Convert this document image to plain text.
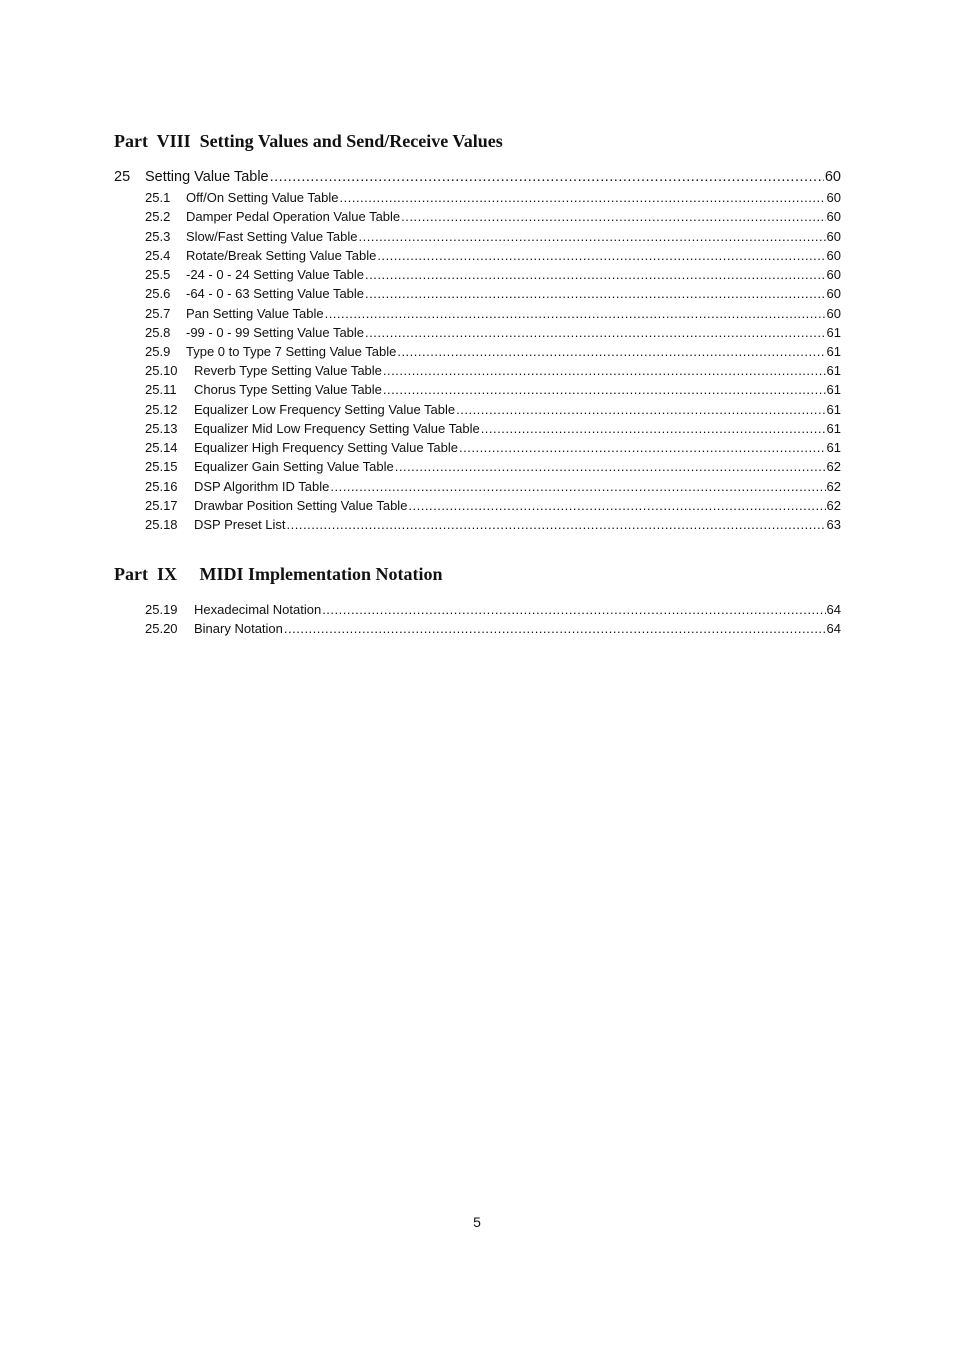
Part  VIII  Setting Values and Send/Receive Values
25	Setting Value Table .....	60
25.1	Off/On Setting Value Table .....	60
25.2	Damper Pedal Operation Value Table .....	60
25.3	Slow/Fast Setting Value Table .....	60
25.4	Rotate/Break Setting Value Table .....	60
25.5	-24 - 0 - 24 Setting Value Table .....	60
25.6	-64 - 0 - 63 Setting Value Table .....	60
25.7	Pan Setting Value Table .....	60
25.8	-99 - 0 - 99 Setting Value Table .....	61
25.9	Type 0 to Type 7 Setting Value Table .....	61
25.10	Reverb Type Setting Value Table .....	61
25.11	Chorus Type Setting Value Table .....	61
25.12	Equalizer Low Frequency Setting Value Table .....	61
25.13	Equalizer Mid Low Frequency Setting Value Table .....	61
25.14	Equalizer High Frequency Setting Value Table .....	61
25.15	Equalizer Gain Setting Value Table .....	62
25.16	DSP Algorithm ID Table .....	62
25.17	Drawbar Position Setting Value Table .....	62
25.18	DSP Preset List .....	63
Part  IX     MIDI Implementation Notation
25.19	Hexadecimal Notation .....	64
25.20	Binary Notation .....	64
5
